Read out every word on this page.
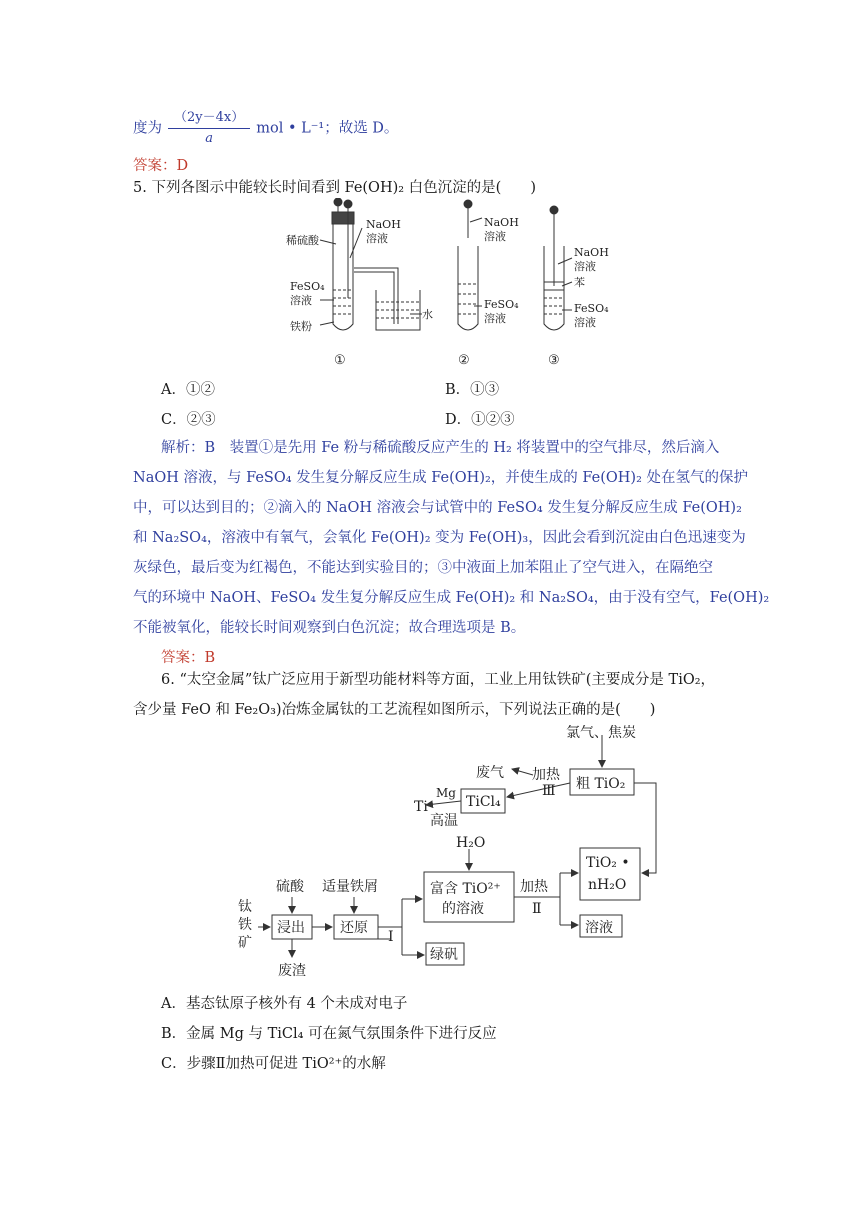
度为 $\frac{(2y-4x)}{a}$ mol • L⁻¹；故选 D。
答案：D
5. 下列各图示中能较长时间看到 Fe(OH)₂ 白色沉淀的是(　　)
稀硫酸
NaOH
溶液
FeSO₄
溶液
铁粉
水
NaOH
溶液
FeSO₄
溶液
NaOH
溶液
苯
FeSO₄
溶液
①	②	③
A．①②	B．①③
C．②③	D．①②③
解析：B　装置①是先用 Fe 粉与稀硫酸反应产生的 H₂ 将装置中的空气排尽，然后滴入
NaOH 溶液，与 FeSO₄ 发生复分解反应生成 Fe(OH)₂，并使生成的 Fe(OH)₂ 处在氢气的保护
中，可以达到目的；②滴入的 NaOH 溶液会与试管中的 FeSO₄ 发生复分解反应生成 Fe(OH)₂
和 Na₂SO₄，溶液中有氧气，会氧化 Fe(OH)₂ 变为 Fe(OH)₃，因此会看到沉淀由白色迅速变为
灰绿色，最后变为红褐色，不能达到实验目的；③中液面上加苯阻止了空气进入，在隔绝空
气的环境中 NaOH、FeSO₄ 发生复分解反应生成 Fe(OH)₂ 和 Na₂SO₄，由于没有空气，Fe(OH)₂
不能被氧化，能较长时间观察到白色沉淀；故合理选项是 B。
答案：B
6. “太空金属”钛广泛应用于新型功能材料等方面，工业上用钛铁矿(主要成分是 TiO₂，
含少量 FeO 和 Fe₂O₃)冶炼金属钛的工艺流程如图所示，下列说法正确的是(　　)
氯气、焦炭
粗 TiO₂
废气 加热
Ⅲ
TiCl₄
Mg
Ti
高温
H₂O
TiO₂ •
nH₂O
硫酸 适量铁屑
钛
铁
矿
浸出	还原
Ⅰ
富含 TiO²⁺
的溶液
加热
Ⅱ
溶液
废渣
绿矾
A．基态钛原子核外有 4 个未成对电子
B．金属 Mg 与 TiCl₄ 可在氮气氛围条件下进行反应
C．步骤Ⅱ加热可促进 TiO²⁺的水解
